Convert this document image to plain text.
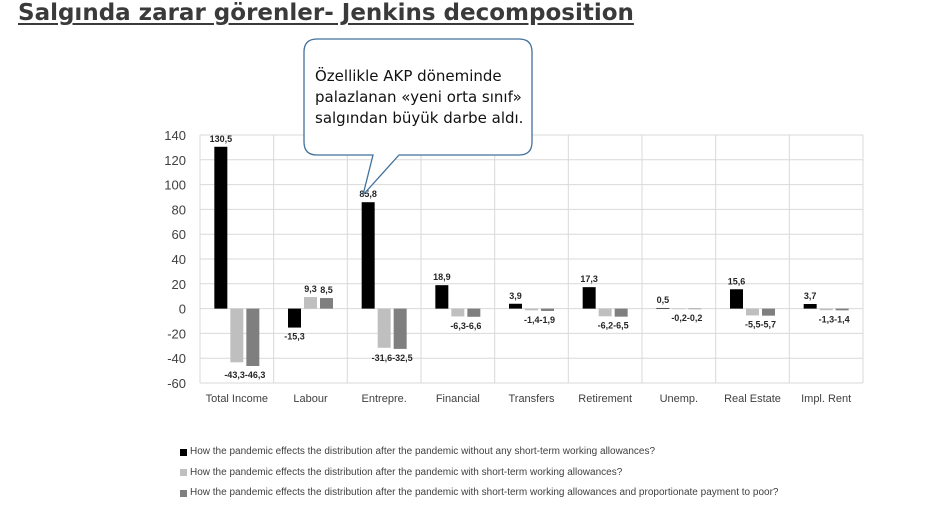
Salgında zarar görenler- Jenkins decomposition
140
120
100
80
60
40
20
0
-20
-40
-60
130,5
-43,3-46,3
Total Income
9,3 8,5
-15,3
Labour
85,8
-31,6-32,5
Entrepre.
18,9
-6,3-6,6
Financial
3,9
-1,4-1,9
Transfers
17,3
-6,2-6,5
Retirement
0,5
-0,2-0,2
Unemp.
15,6
-5,5-5,7
Real Estate
3,7
-1,3-1,4
Impl. Rent
Özellikle AKP döneminde
palazlanan «yeni orta sınıf»
salgından büyük darbe aldı.
How the pandemic effects the distribution after the pandemic without any short-term working allowances?
How the pandemic effects the distribution after the pandemic with short-term working allowances?
How the pandemic effects the distribution after the pandemic with short-term working allowances and proportionate payment to poor?
